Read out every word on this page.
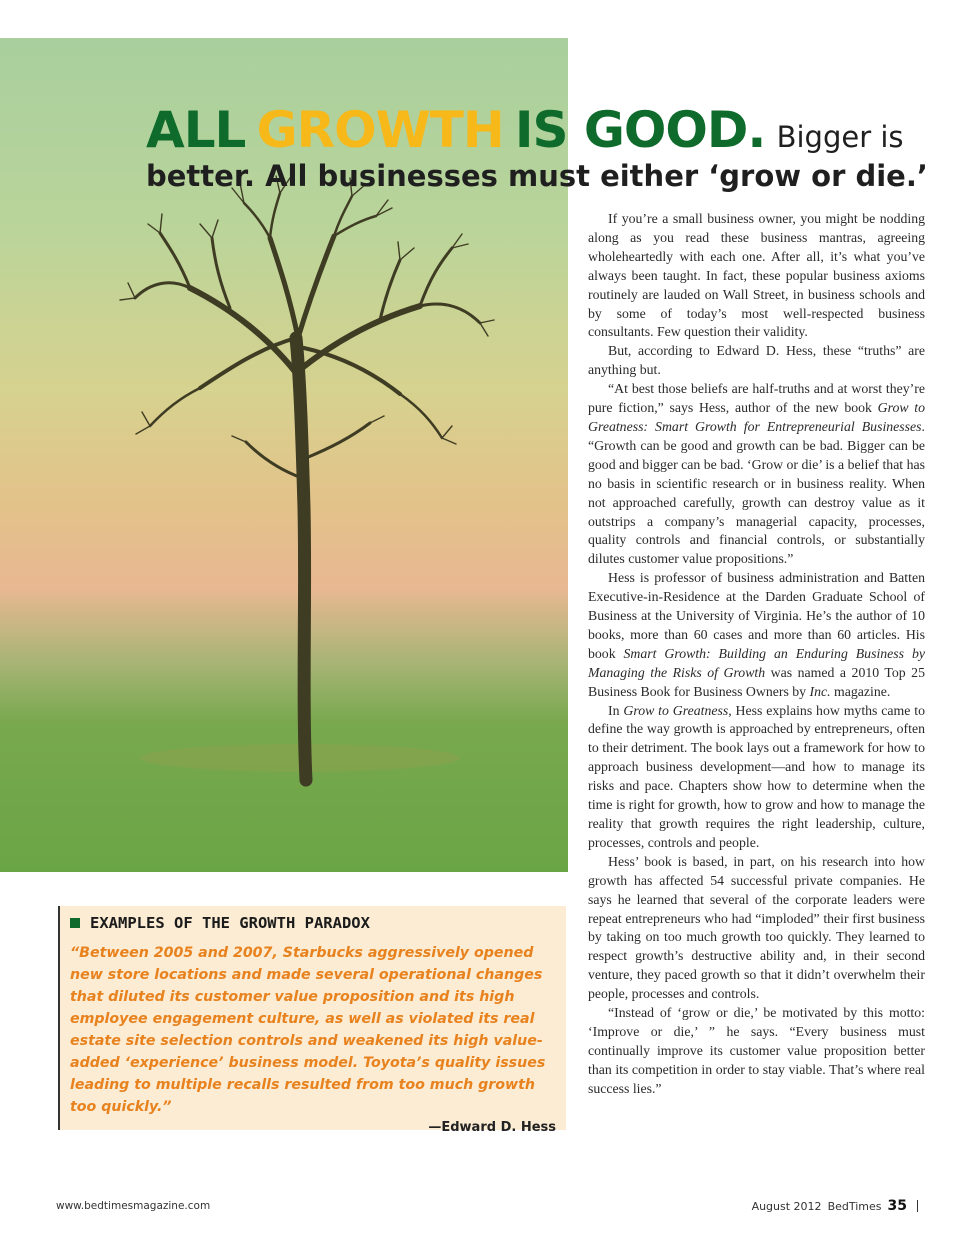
ALL GROWTH IS GOOD. Bigger is
better. All businesses must either ‘grow or die.’

If you’re a small business owner, you might be nodding along as you read these business mantras, agreeing wholeheartedly with each one. After all, it’s what you’ve always been taught. In fact, these popular business axioms routinely are lauded on Wall Street, in business schools and by some of today’s most well-respected business consultants. Few question their validity.

But, according to Edward D. Hess, these “truths” are anything but.

“At best those beliefs are half-truths and at worst they’re pure fiction,” says Hess, author of the new book Grow to Greatness: Smart Growth for Entrepreneurial Businesses. “Growth can be good and growth can be bad. Bigger can be good and bigger can be bad. ‘Grow or die’ is a belief that has no basis in scientific research or in business reality. When not approached carefully, growth can destroy value as it outstrips a company’s managerial capacity, processes, quality controls and financial controls, or substantially dilutes customer value propositions.”

Hess is professor of business administration and Batten Executive-in-Residence at the Darden Graduate School of Business at the University of Virginia. He’s the author of 10 books, more than 60 cases and more than 60 articles. His book Smart Growth: Building an Enduring Business by Managing the Risks of Growth was named a 2010 Top 25 Business Book for Business Owners by Inc. magazine.

In Grow to Greatness, Hess explains how myths came to define the way growth is approached by entrepreneurs, often to their detriment. The book lays out a framework for how to approach business development—and how to manage its risks and pace. Chapters show how to determine when the time is right for growth, how to grow and how to manage the reality that growth requires the right leadership, culture, processes, controls and people.

Hess’ book is based, in part, on his research into how growth has affected 54 successful private companies. He says he learned that several of the corporate leaders were repeat entrepreneurs who had “imploded” their first business by taking on too much growth too quickly. They learned to respect growth’s destructive ability and, in their second venture, they paced growth so that it didn’t overwhelm their people, processes and controls.

“Instead of ‘grow or die,’ be motivated by this motto: ‘Improve or die,’ ” he says. “Every business must continually improve its customer value proposition better than its competition in order to stay viable. That’s where real success lies.”

EXAMPLES OF THE GROWTH PARADOX

“Between 2005 and 2007, Starbucks aggressively opened new store locations and made several operational changes that diluted its customer value proposition and its high employee engagement culture, as well as violated its real estate site selection controls and weakened its high value-added ‘experience’ business model. Toyota’s quality issues leading to multiple recalls resulted from too much growth too quickly.”

—Edward D. Hess
www.bedtimesmagazine.com	August 2012 BedTimes 35
